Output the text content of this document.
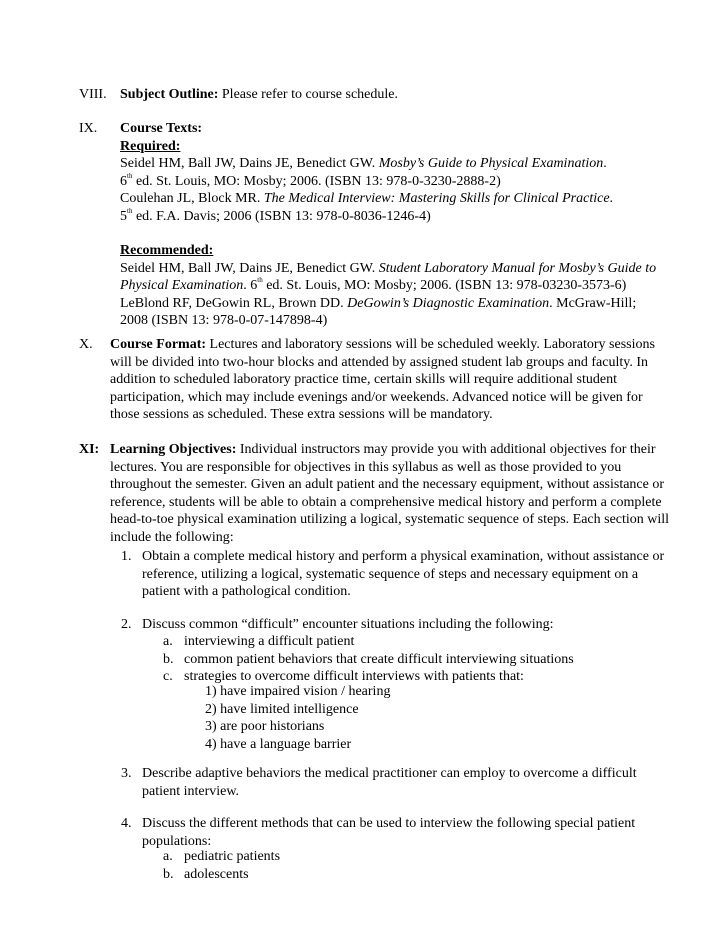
VIII. Subject Outline: Please refer to course schedule.
IX. Course Texts:
Required:
Seidel HM, Ball JW, Dains JE, Benedict GW. Mosby’s Guide to Physical Examination.
6th ed. St. Louis, MO: Mosby; 2006. (ISBN 13: 978-0-3230-2888-2)
Coulehan JL, Block MR. The Medical Interview: Mastering Skills for Clinical Practice.
5th ed. F.A. Davis; 2006 (ISBN 13: 978-0-8036-1246-4)
Recommended:
Seidel HM, Ball JW, Dains JE, Benedict GW. Student Laboratory Manual for Mosby’s Guide to
Physical Examination. 6th ed. St. Louis, MO: Mosby; 2006. (ISBN 13: 978-03230-3573-6)
LeBlond RF, DeGowin RL, Brown DD. DeGowin’s Diagnostic Examination. McGraw-Hill;
2008 (ISBN 13: 978-0-07-147898-4)
X. Course Format: Lectures and laboratory sessions will be scheduled weekly. Laboratory sessions
will be divided into two-hour blocks and attended by assigned student lab groups and faculty. In
addition to scheduled laboratory practice time, certain skills will require additional student
participation, which may include evenings and/or weekends. Advanced notice will be given for
those sessions as scheduled. These extra sessions will be mandatory.
XI: Learning Objectives: Individual instructors may provide you with additional objectives for their
lectures. You are responsible for objectives in this syllabus as well as those provided to you
throughout the semester. Given an adult patient and the necessary equipment, without assistance or
reference, students will be able to obtain a comprehensive medical history and perform a complete
head-to-toe physical examination utilizing a logical, systematic sequence of steps. Each section will
include the following:
1. Obtain a complete medical history and perform a physical examination, without assistance or
reference, utilizing a logical, systematic sequence of steps and necessary equipment on a
patient with a pathological condition.
2. Discuss common “difficult” encounter situations including the following:
a. interviewing a difficult patient
b. common patient behaviors that create difficult interviewing situations
c. strategies to overcome difficult interviews with patients that:
1) have impaired vision / hearing
2) have limited intelligence
3) are poor historians
4) have a language barrier
3. Describe adaptive behaviors the medical practitioner can employ to overcome a difficult
patient interview.
4. Discuss the different methods that can be used to interview the following special patient
populations:
a. pediatric patients
b. adolescents
